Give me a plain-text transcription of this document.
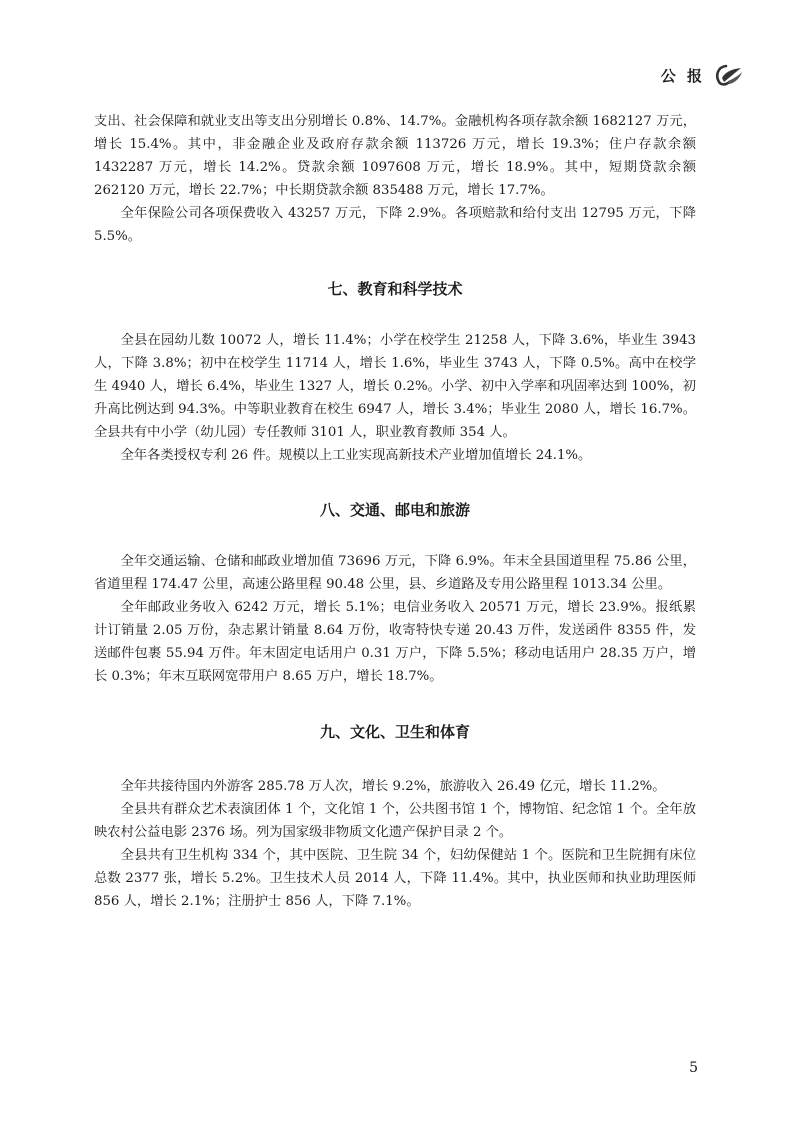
公 报

支出、社会保障和就业支出等支出分别增长 0.8%、14.7%。金融机构各项存款余额 1682127 万元，增长 15.4%。其中，非金融企业及政府存款余额 113726 万元，增长 19.3%；住户存款余额 1432287 万元，增长 14.2%。贷款余额 1097608 万元，增长 18.9%。其中，短期贷款余额 262120 万元，增长 22.7%；中长期贷款余额 835488 万元，增长 17.7%。

全年保险公司各项保费收入 43257 万元，下降 2.9%。各项赔款和给付支出 12795 万元，下降 5.5%。

七、教育和科学技术

全县在园幼儿数 10072 人，增长 11.4%；小学在校学生 21258 人，下降 3.6%，毕业生 3943 人，下降 3.8%；初中在校学生 11714 人，增长 1.6%，毕业生 3743 人，下降 0.5%。高中在校学生 4940 人，增长 6.4%，毕业生 1327 人，增长 0.2%。小学、初中入学率和巩固率达到 100%，初升高比例达到 94.3%。中等职业教育在校生 6947 人，增长 3.4%；毕业生 2080 人，增长 16.7%。全县共有中小学（幼儿园）专任教师 3101 人，职业教育教师 354 人。

全年各类授权专利 26 件。规模以上工业实现高新技术产业增加值增长 24.1%。

八、交通、邮电和旅游

全年交通运输、仓储和邮政业增加值 73696 万元，下降 6.9%。年末全县国道里程 75.86 公里，省道里程 174.47 公里，高速公路里程 90.48 公里，县、乡道路及专用公路里程 1013.34 公里。

全年邮政业务收入 6242 万元，增长 5.1%；电信业务收入 20571 万元，增长 23.9%。报纸累计订销量 2.05 万份，杂志累计销量 8.64 万份，收寄特快专递 20.43 万件，发送函件 8355 件，发送邮件包裹 55.94 万件。年末固定电话用户 0.31 万户，下降 5.5%；移动电话用户 28.35 万户，增长 0.3%；年末互联网宽带用户 8.65 万户，增长 18.7%。

九、文化、卫生和体育

全年共接待国内外游客 285.78 万人次，增长 9.2%，旅游收入 26.49 亿元，增长 11.2%。

全县共有群众艺术表演团体 1 个，文化馆 1 个，公共图书馆 1 个，博物馆、纪念馆 1 个。全年放映农村公益电影 2376 场。列为国家级非物质文化遗产保护目录 2 个。

全县共有卫生机构 334 个，其中医院、卫生院 34 个，妇幼保健站 1 个。医院和卫生院拥有床位总数 2377 张，增长 5.2%。卫生技术人员 2014 人，下降 11.4%。其中，执业医师和执业助理医师 856 人，增长 2.1%；注册护士 856 人，下降 7.1%。

5
